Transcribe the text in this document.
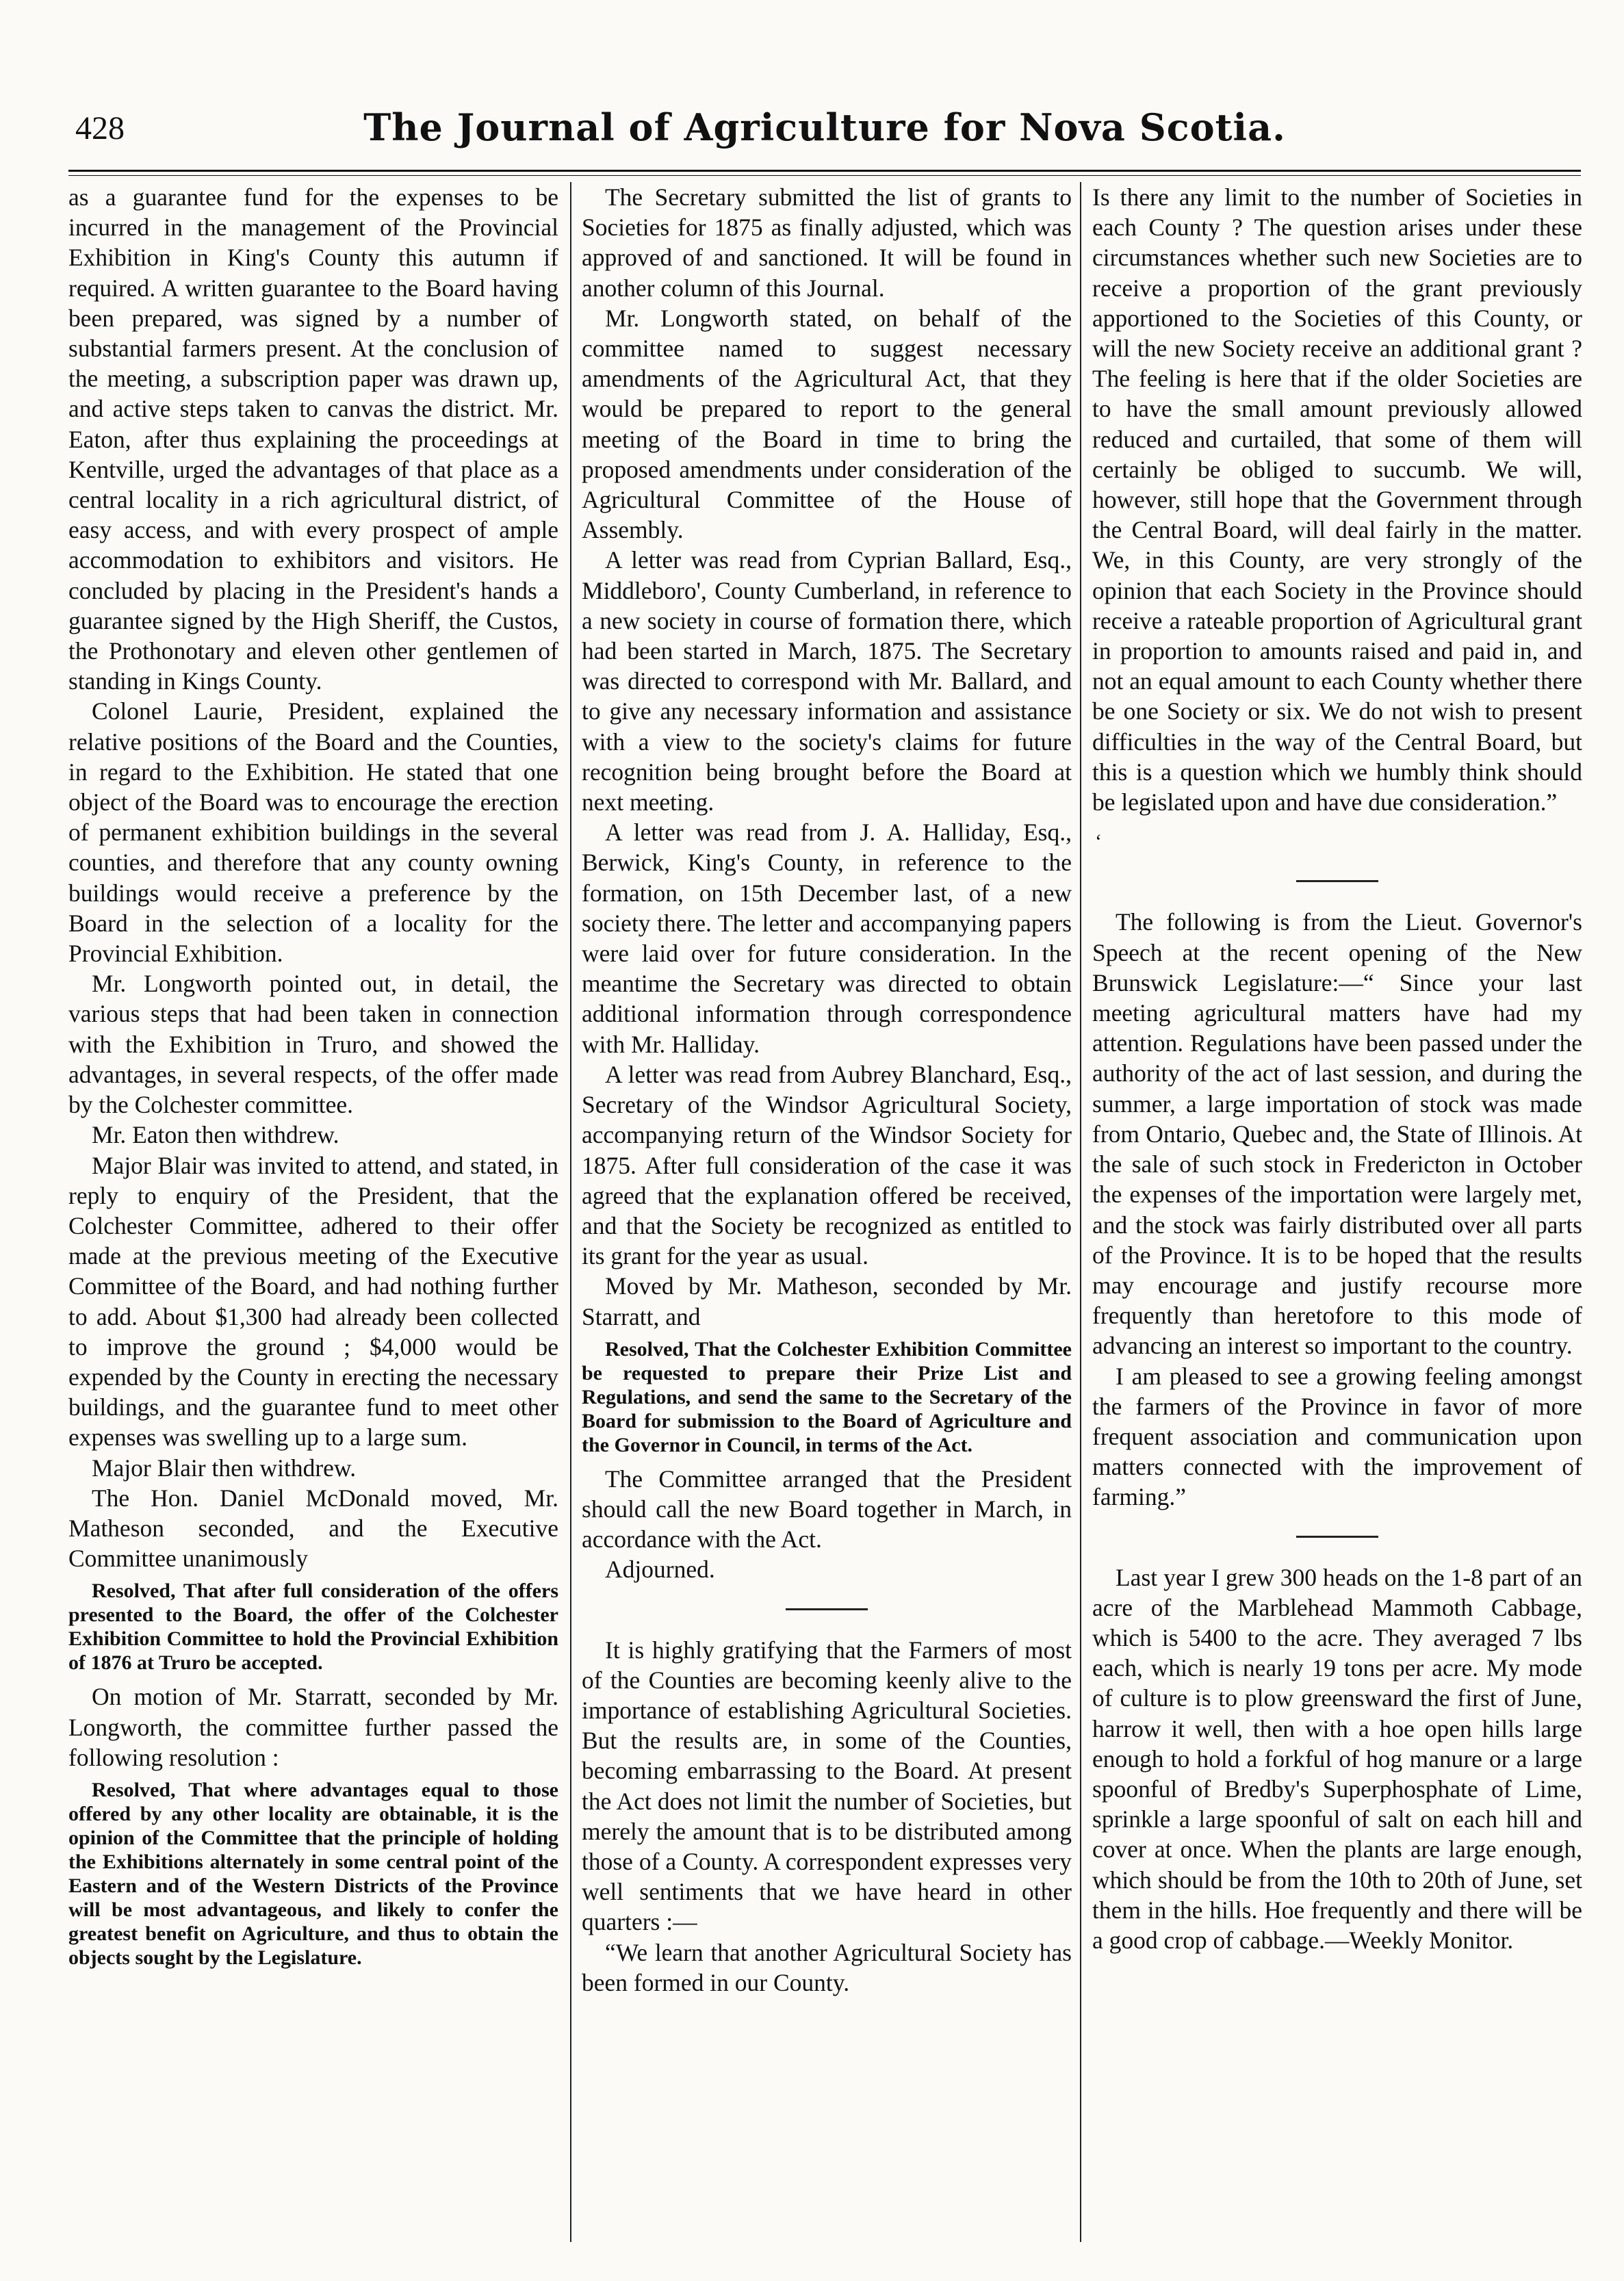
428	The Journal of Agriculture for Nova Scotia.

as a guarantee fund for the expenses to be incurred in the management of the Provincial Exhibition in King's County this autumn if required. A written guarantee to the Board having been prepared, was signed by a number of substantial farmers present. At the conclusion of the meeting, a subscription paper was drawn up, and active steps taken to canvas the district. Mr. Eaton, after thus explaining the proceedings at Kentville, urged the advantages of that place as a central locality in a rich agricultural district, of easy access, and with every prospect of ample accommodation to exhibitors and visitors. He concluded by placing in the President's hands a guarantee signed by the High Sheriff, the Custos, the Prothonotary and eleven other gentlemen of standing in Kings County.

Colonel Laurie, President, explained the relative positions of the Board and the Counties, in regard to the Exhibition. He stated that one object of the Board was to encourage the erection of permanent exhibition buildings in the several counties, and therefore that any county owning buildings would receive a preference by the Board in the selection of a locality for the Provincial Exhibition.

Mr. Longworth pointed out, in detail, the various steps that had been taken in connection with the Exhibition in Truro, and showed the advantages, in several respects, of the offer made by the Colchester committee.

Mr. Eaton then withdrew.

Major Blair was invited to attend, and stated, in reply to enquiry of the President, that the Colchester Committee, adhered to their offer made at the previous meeting of the Executive Committee of the Board, and had nothing further to add. About $1,300 had already been collected to improve the ground ; $4,000 would be expended by the County in erecting the necessary buildings, and the guarantee fund to meet other expenses was swelling up to a large sum.

Major Blair then withdrew.

The Hon. Daniel McDonald moved, Mr. Matheson seconded, and the Executive Committee unanimously

Resolved, That after full consideration of the offers presented to the Board, the offer of the Colchester Exhibition Committee to hold the Provincial Exhibition of 1876 at Truro be accepted.

On motion of Mr. Starratt, seconded by Mr. Longworth, the committee further passed the following resolution :

Resolved, That where advantages equal to those offered by any other locality are obtainable, it is the opinion of the Committee that the principle of holding the Exhibitions alternately in some central point of the Eastern and of the Western Districts of the Province will be most advantageous, and likely to confer the greatest benefit on Agriculture, and thus to obtain the objects sought by the Legislature.

The Secretary submitted the list of grants to Societies for 1875 as finally adjusted, which was approved of and sanctioned. It will be found in another column of this Journal.

Mr. Longworth stated, on behalf of the committee named to suggest necessary amendments of the Agricultural Act, that they would be prepared to report to the general meeting of the Board in time to bring the proposed amendments under consideration of the Agricultural Committee of the House of Assembly.

A letter was read from Cyprian Ballard, Esq., Middleboro', County Cumberland, in reference to a new society in course of formation there, which had been started in March, 1875. The Secretary was directed to correspond with Mr. Ballard, and to give any necessary information and assistance with a view to the society's claims for future recognition being brought before the Board at next meeting.

A letter was read from J. A. Halliday, Esq., Berwick, King's County, in reference to the formation, on 15th December last, of a new society there. The letter and accompanying papers were laid over for future consideration. In the meantime the Secretary was directed to obtain additional information through correspondence with Mr. Halliday.

A letter was read from Aubrey Blanchard, Esq., Secretary of the Windsor Agricultural Society, accompanying return of the Windsor Society for 1875. After full consideration of the case it was agreed that the explanation offered be received, and that the Society be recognized as entitled to its grant for the year as usual.

Moved by Mr. Matheson, seconded by Mr. Starratt, and

Resolved, That the Colchester Exhibition Committee be requested to prepare their Prize List and Regulations, and send the same to the Secretary of the Board for submission to the Board of Agriculture and the Governor in Council, in terms of the Act.

The Committee arranged that the President should call the new Board together in March, in accordance with the Act.

Adjourned.

It is highly gratifying that the Farmers of most of the Counties are becoming keenly alive to the importance of establishing Agricultural Societies. But the results are, in some of the Counties, becoming embarrassing to the Board. At present the Act does not limit the number of Societies, but merely the amount that is to be distributed among those of a County. A correspondent expresses very well sentiments that we have heard in other quarters :—

“We learn that another Agricultural Society has been formed in our County.

Is there any limit to the number of Societies in each County ? The question arises under these circumstances whether such new Societies are to receive a proportion of the grant previously apportioned to the Societies of this County, or will the new Society receive an additional grant ? The feeling is here that if the older Societies are to have the small amount previously allowed reduced and curtailed, that some of them will certainly be obliged to succumb. We will, however, still hope that the Government through the Central Board, will deal fairly in the matter. We, in this County, are very strongly of the opinion that each Society in the Province should receive a rateable proportion of Agricultural grant in proportion to amounts raised and paid in, and not an equal amount to each County whether there be one Society or six. We do not wish to present difficulties in the way of the Central Board, but this is a question which we humbly think should be legislated upon and have due consideration.”

‘

The following is from the Lieut. Governor's Speech at the recent opening of the New Brunswick Legislature:—“ Since your last meeting agricultural matters have had my attention. Regulations have been passed under the authority of the act of last session, and during the summer, a large importation of stock was made from Ontario, Quebec and, the State of Illinois. At the sale of such stock in Fredericton in October the expenses of the importation were largely met, and the stock was fairly distributed over all parts of the Province. It is to be hoped that the results may encourage and justify recourse more frequently than heretofore to this mode of advancing an interest so important to the country.

I am pleased to see a growing feeling amongst the farmers of the Province in favor of more frequent association and communication upon matters connected with the improvement of farming.”

Last year I grew 300 heads on the 1-8 part of an acre of the Marblehead Mammoth Cabbage, which is 5400 to the acre. They averaged 7 lbs each, which is nearly 19 tons per acre. My mode of culture is to plow greensward the first of June, harrow it well, then with a hoe open hills large enough to hold a forkful of hog manure or a large spoonful of Bredby's Superphosphate of Lime, sprinkle a large spoonful of salt on each hill and cover at once. When the plants are large enough, which should be from the 10th to 20th of June, set them in the hills. Hoe frequently and there will be a good crop of cabbage.—Weekly Monitor.
